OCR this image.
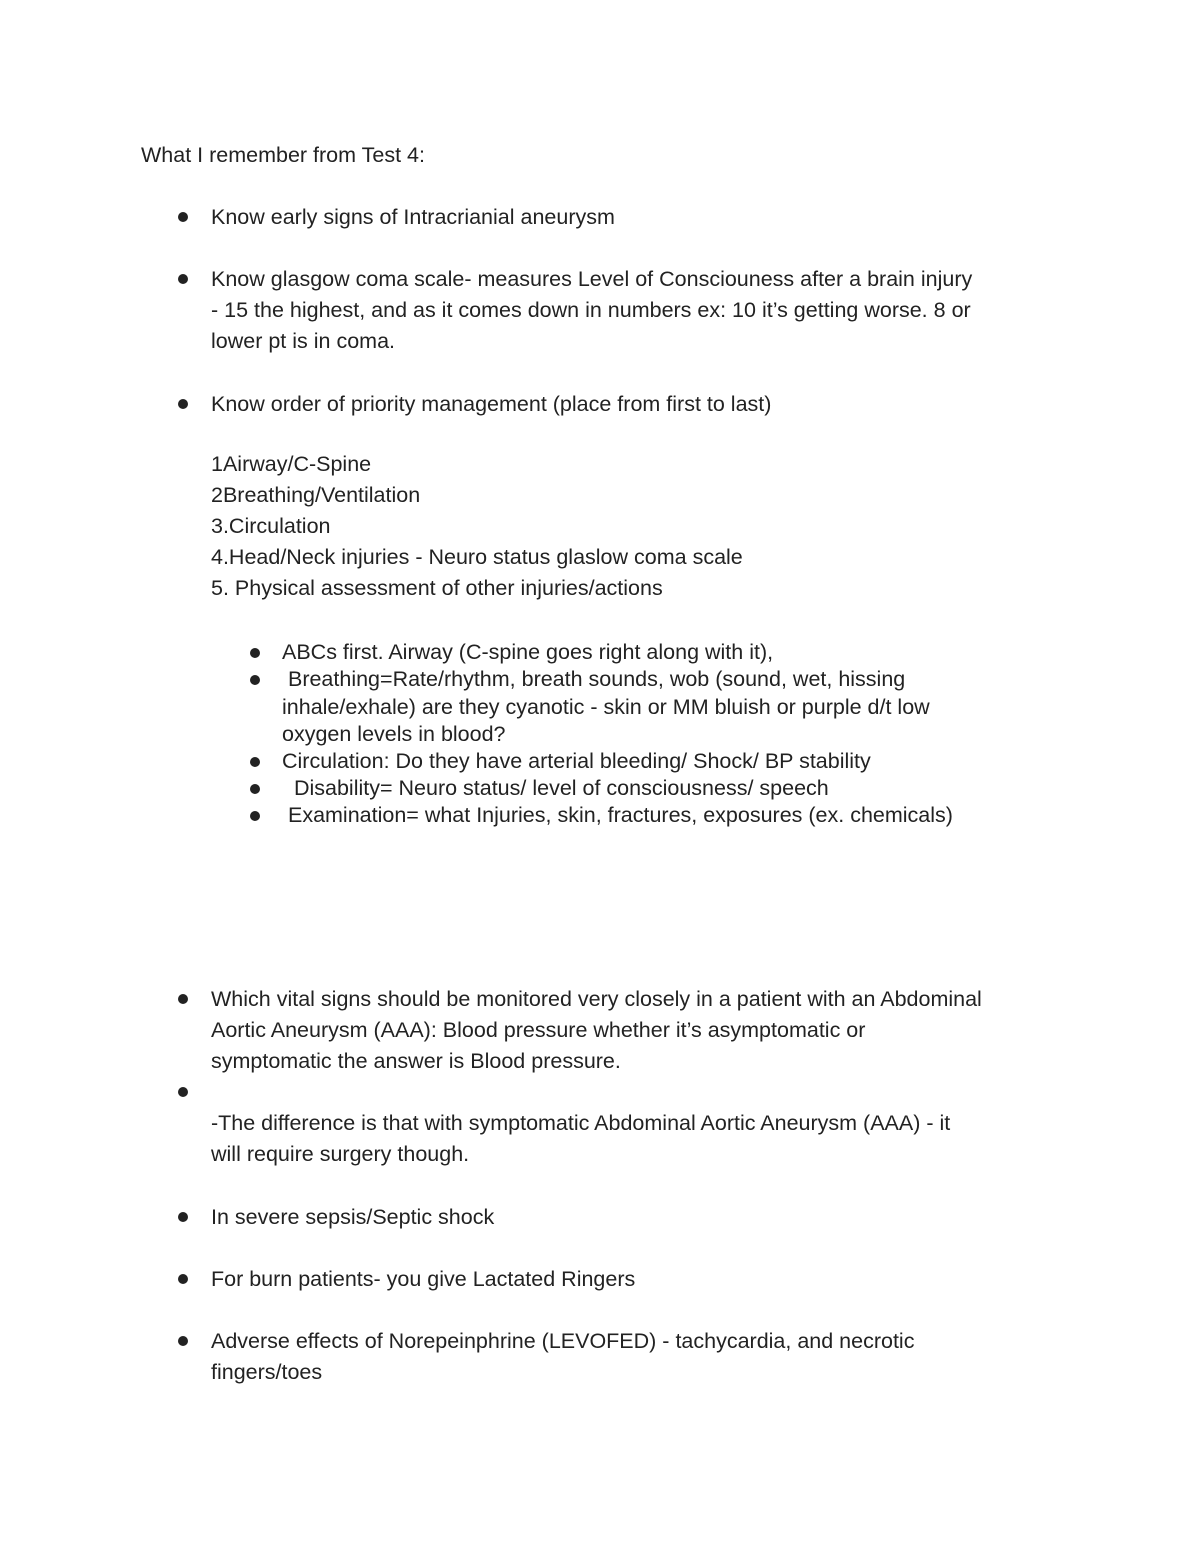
What I remember from Test 4:
Know early signs of Intracrianial aneurysm
Know glasgow coma scale- measures Level of Consciouness after a brain injury
- 15 the highest, and as it comes down in numbers ex: 10 it’s getting worse. 8 or
lower pt is in coma.
Know order of priority management (place from first to last)
1Airway/C-Spine
2Breathing/Ventilation
3.Circulation
4.Head/Neck injuries - Neuro status glaslow coma scale
5. Physical assessment of other injuries/actions
ABCs first. Airway (C-spine goes right along with it),
Breathing=Rate/rhythm, breath sounds, wob (sound, wet, hissing
inhale/exhale) are they cyanotic - skin or MM bluish or purple d/t low
oxygen levels in blood?
Circulation: Do they have arterial bleeding/ Shock/ BP stability
Disability= Neuro status/ level of consciousness/ speech
Examination= what Injuries, skin, fractures, exposures (ex. chemicals)
Which vital signs should be monitored very closely in a patient with an Abdominal
Aortic Aneurysm (AAA): Blood pressure whether it’s asymptomatic or
symptomatic the answer is Blood pressure.
-The difference is that with symptomatic Abdominal Aortic Aneurysm (AAA) - it
will require surgery though.
In severe sepsis/Septic shock
For burn patients- you give Lactated Ringers
Adverse effects of Norepeinphrine (LEVOFED) - tachycardia, and necrotic
fingers/toes
